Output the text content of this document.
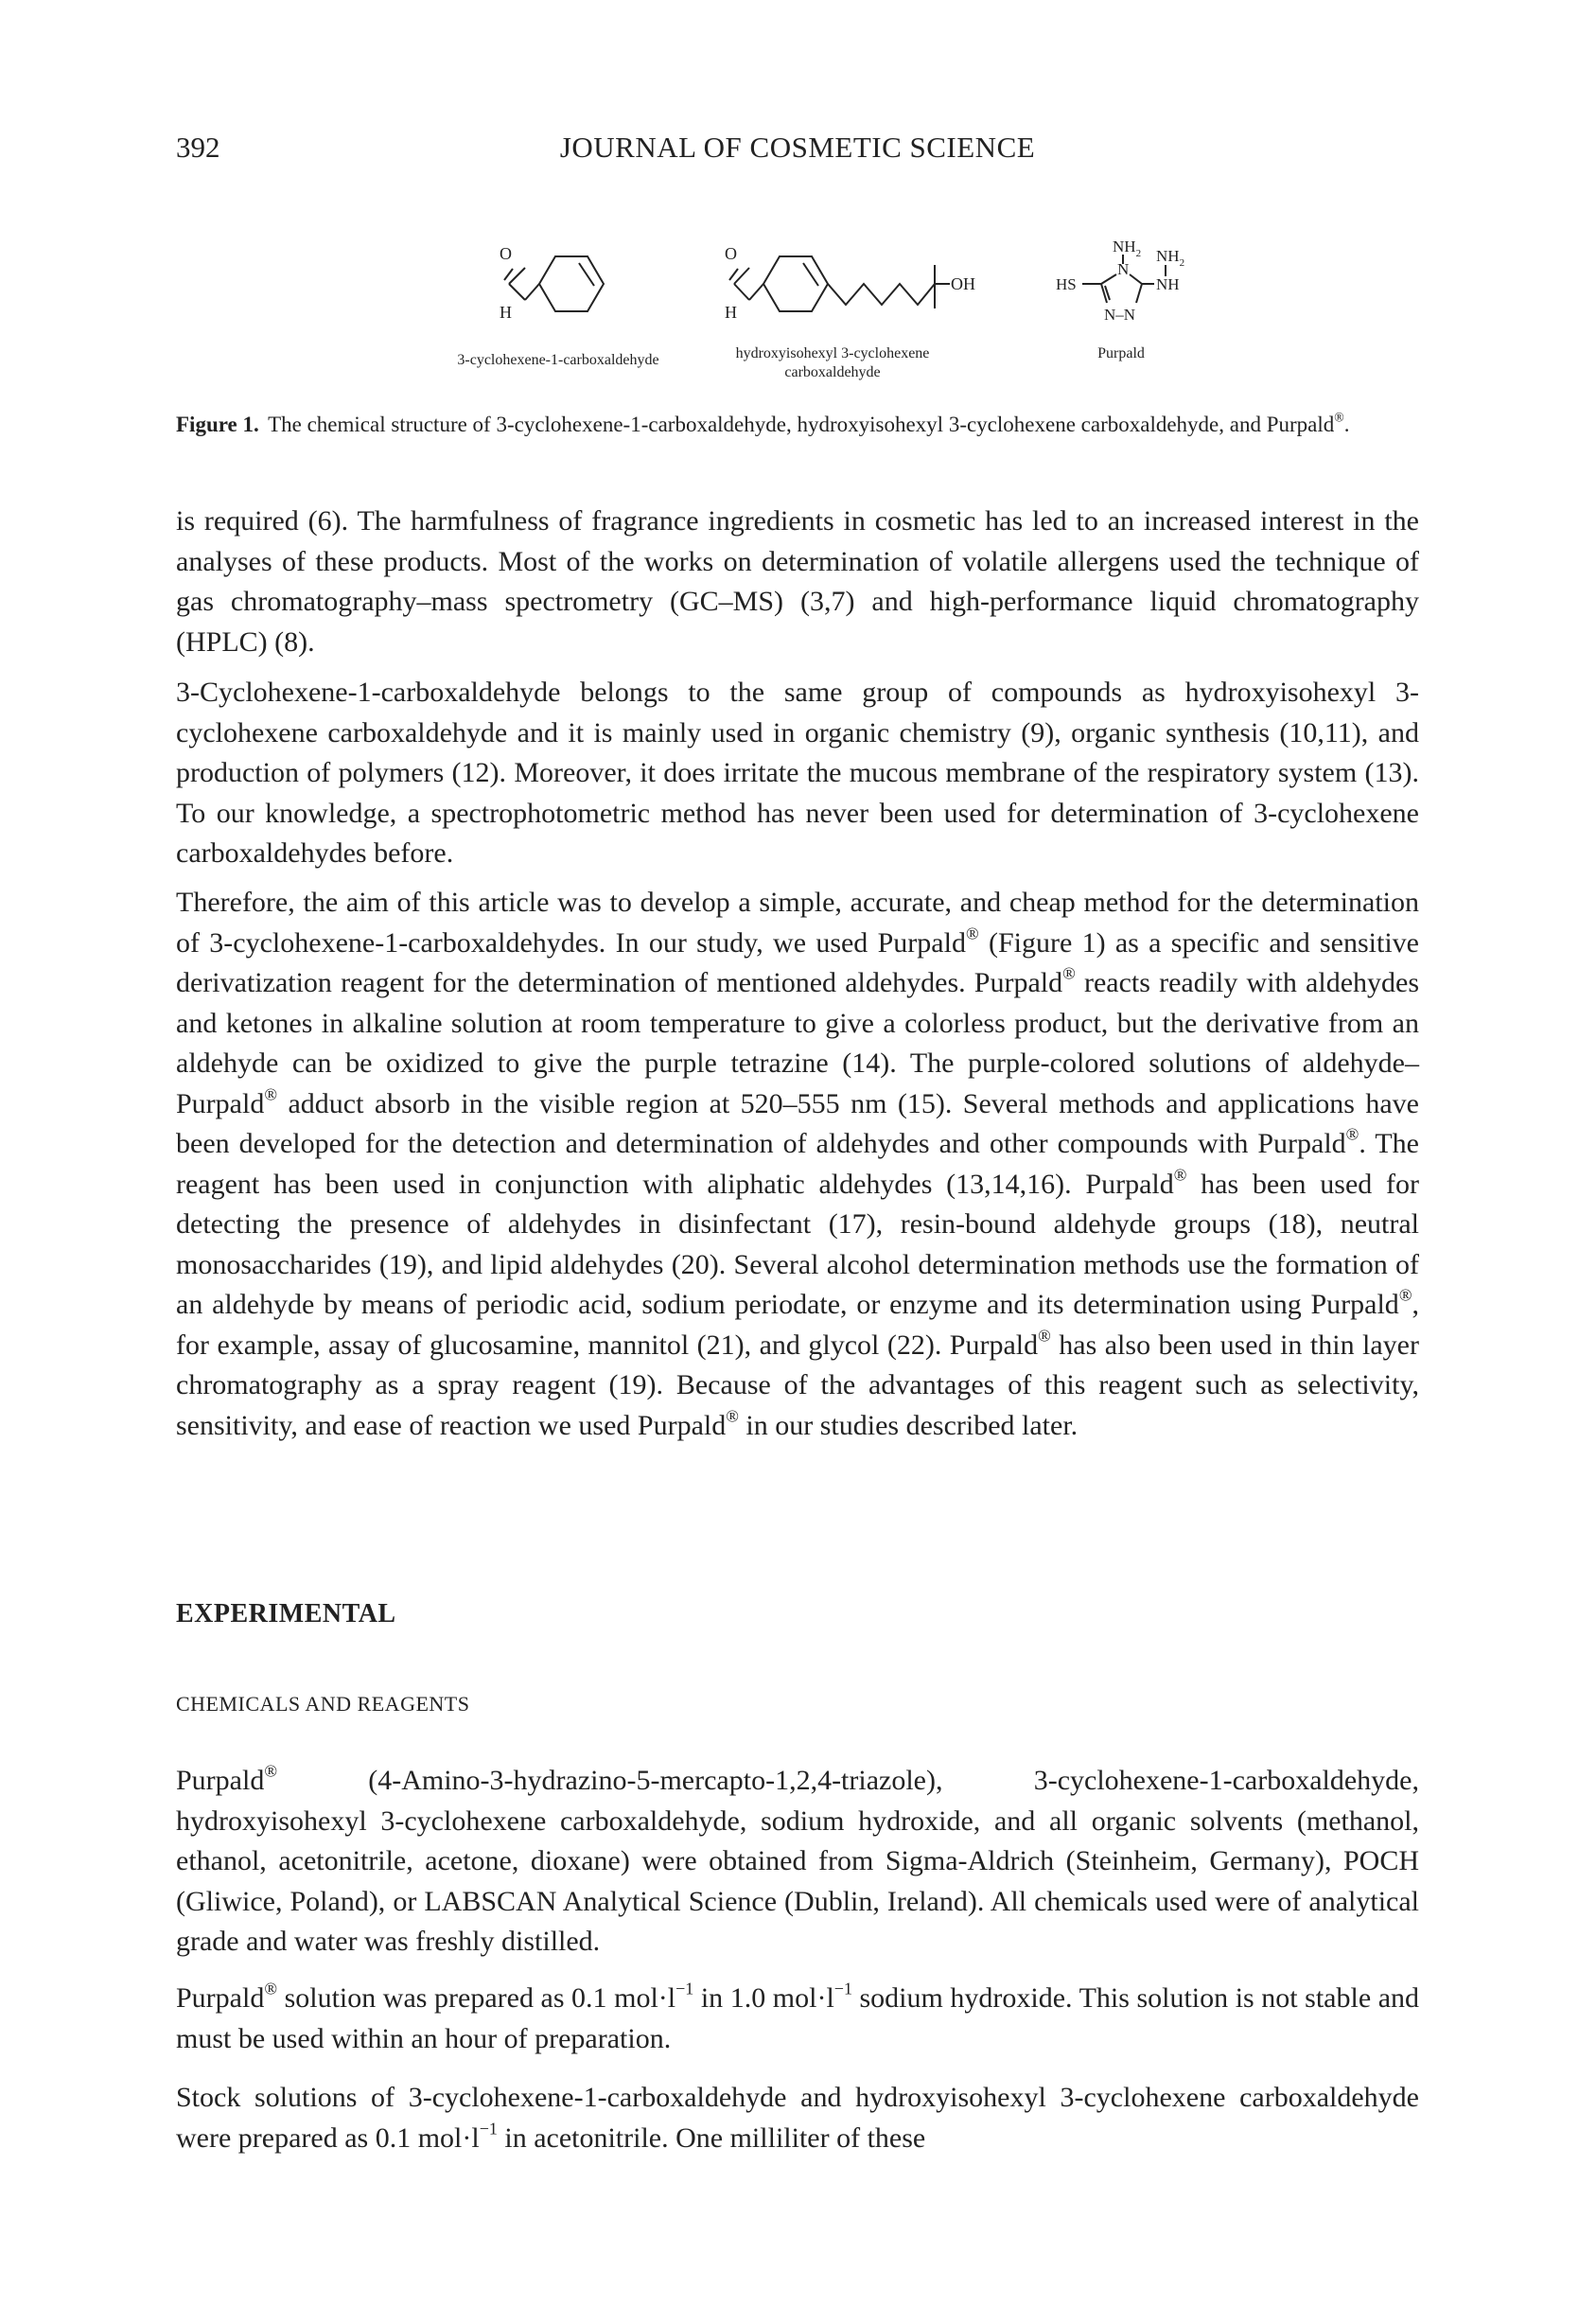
392	JOURNAL OF COSMETIC SCIENCE
O
H
3-cyclohexene-1-carboxaldehyde
O
H
OH
hydroxyisohexyl 3-cyclohexene
carboxaldehyde
$NH_2$ $NH_2$
NH
HS
N
N–N
Purpald
Figure 1. The chemical structure of 3-cyclohexene-1-carboxaldehyde, hydroxyisohexyl 3-cyclohexene carboxaldehyde, and Purpald®.
is required (6). The harmfulness of fragrance ingredients in cosmetic has led to an increased interest in the analyses of these products. Most of the works on determination of volatile allergens used the technique of gas chromatography–mass spectrometry (GC–MS) (3,7) and high-performance liquid chromatography (HPLC) (8).
3-Cyclohexene-1-carboxaldehyde belongs to the same group of compounds as hydroxyisohexyl 3-cyclohexene carboxaldehyde and it is mainly used in organic chemistry (9), organic synthesis (10,11), and production of polymers (12). Moreover, it does irritate the mucous membrane of the respiratory system (13). To our knowledge, a spectrophotometric method has never been used for determination of 3-cyclohexene carboxaldehydes before.
Therefore, the aim of this article was to develop a simple, accurate, and cheap method for the determination of 3-cyclohexene-1-carboxaldehydes. In our study, we used Purpald® (Figure 1) as a specific and sensitive derivatization reagent for the determination of mentioned aldehydes. Purpald® reacts readily with aldehydes and ketones in alkaline solution at room temperature to give a colorless product, but the derivative from an aldehyde can be oxidized to give the purple tetrazine (14). The purple-colored solutions of aldehyde–Purpald® adduct absorb in the visible region at 520–555 nm (15). Several methods and applications have been developed for the detection and determination of aldehydes and other compounds with Purpald®. The reagent has been used in conjunction with aliphatic aldehydes (13,14,16). Purpald® has been used for detecting the presence of aldehydes in disinfectant (17), resin-bound aldehyde groups (18), neutral monosaccharides (19), and lipid aldehydes (20). Several alcohol determination methods use the formation of an aldehyde by means of periodic acid, sodium periodate, or enzyme and its determination using Purpald®, for example, assay of glucosamine, mannitol (21), and glycol (22). Purpald® has also been used in thin layer chromatography as a spray reagent (19). Because of the advantages of this reagent such as selectivity, sensitivity, and ease of reaction we used Purpald® in our studies described later.
EXPERIMENTAL
CHEMICALS AND REAGENTS
Purpald® (4-Amino-3-hydrazino-5-mercapto-1,2,4-triazole), 3-cyclohexene-1-carboxaldehyde, hydroxyisohexyl 3-cyclohexene carboxaldehyde, sodium hydroxide, and all organic solvents (methanol, ethanol, acetonitrile, acetone, dioxane) were obtained from Sigma-Aldrich (Steinheim, Germany), POCH (Gliwice, Poland), or LABSCAN Analytical Science (Dublin, Ireland). All chemicals used were of analytical grade and water was freshly distilled.
Purpald® solution was prepared as 0.1 $mol\cdot l^{-1}$ in 1.0 $mol\cdot l^{-1}$ sodium hydroxide. This solution is not stable and must be used within an hour of preparation.
Stock solutions of 3-cyclohexene-1-carboxaldehyde and hydroxyisohexyl 3-cyclohexene carboxaldehyde were prepared as 0.1 $mol\cdot l^{-1}$ in acetonitrile. One milliliter of these
